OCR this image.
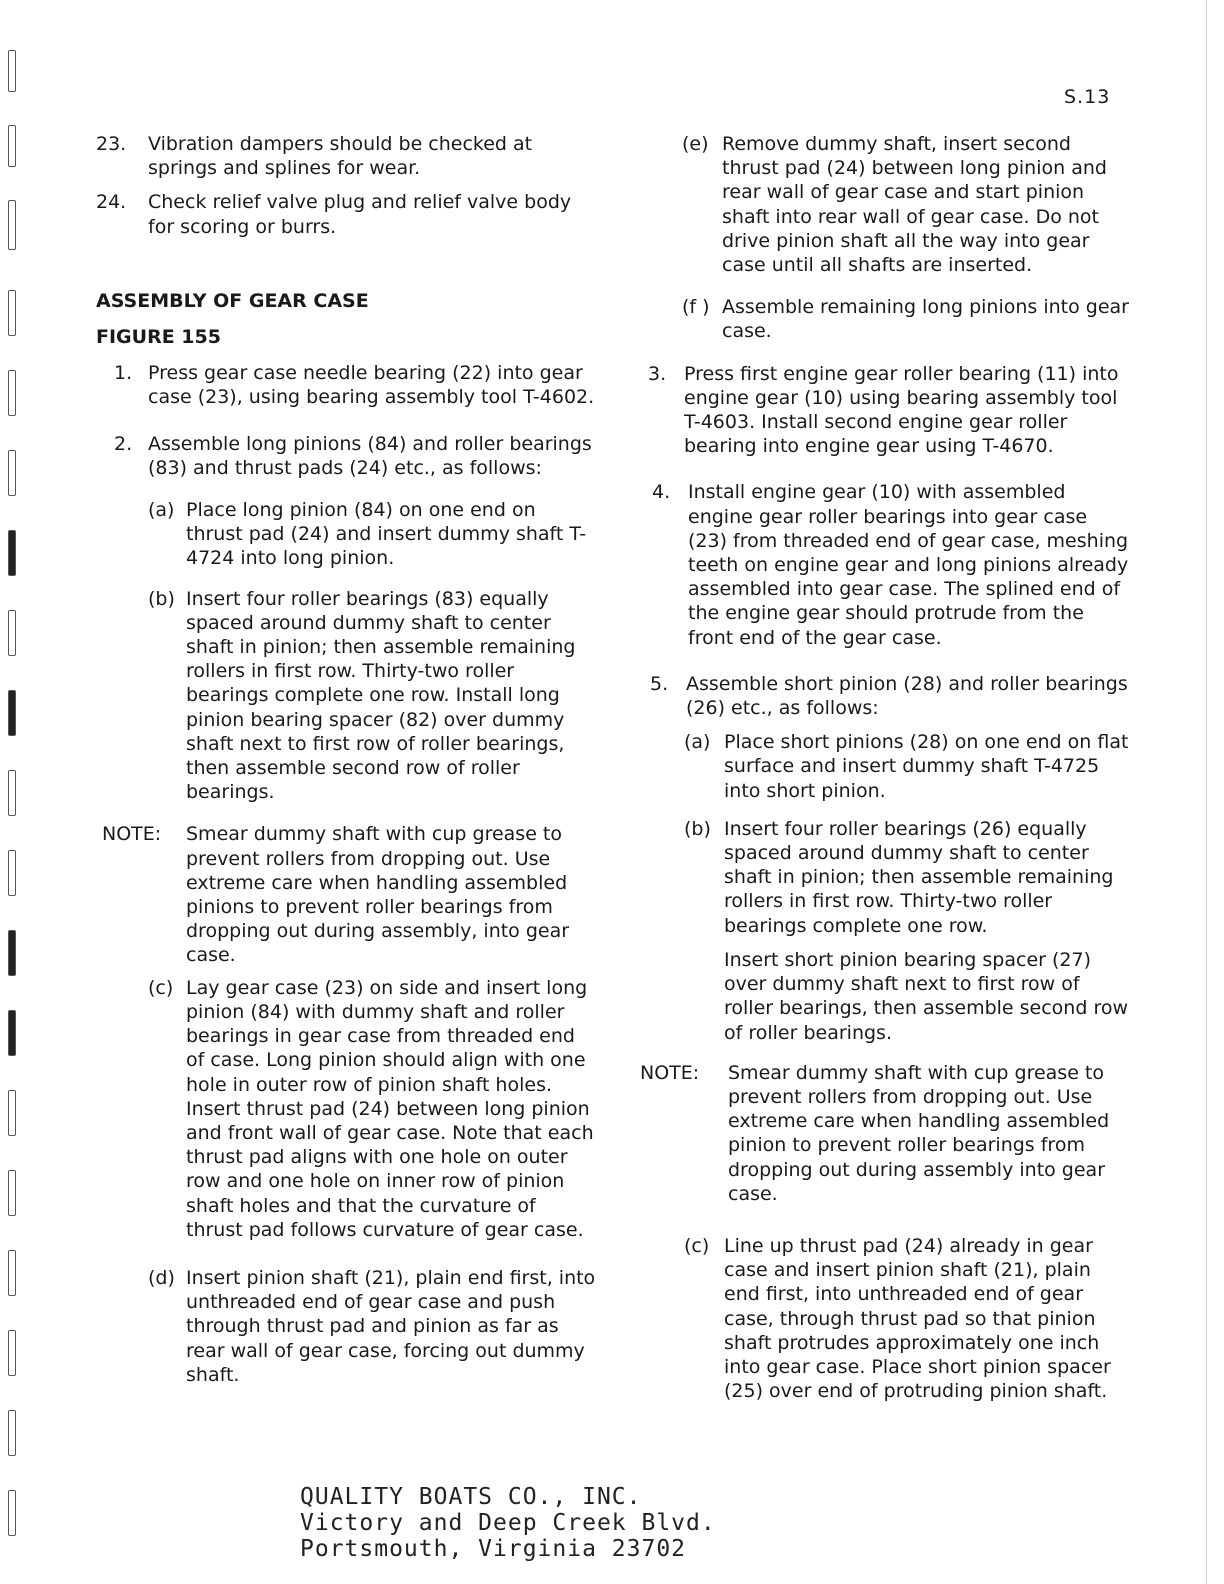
S.13
23. Vibration dampers should be checked at springs and splines for wear.
24. Check relief valve plug and relief valve body for scoring or burrs.
ASSEMBLY OF GEAR CASE
FIGURE 155
1. Press gear case needle bearing (22) into gear case (23), using bearing assembly tool T-4602.
2. Assemble long pinions (84) and roller bearings (83) and thrust pads (24) etc., as follows:
(a) Place long pinion (84) on one end on thrust pad (24) and insert dummy shaft T-4724 into long pinion.
(b) Insert four roller bearings (83) equally spaced around dummy shaft to center shaft in pinion; then assemble remaining rollers in first row. Thirty-two roller bearings complete one row. Install long pinion bearing spacer (82) over dummy shaft next to first row of roller bearings, then assemble second row of roller bearings.
NOTE: Smear dummy shaft with cup grease to prevent rollers from dropping out. Use extreme care when handling assembled pinions to prevent roller bearings from dropping out during assembly, into gear case.
(c) Lay gear case (23) on side and insert long pinion (84) with dummy shaft and roller bearings in gear case from threaded end of case. Long pinion should align with one hole in outer row of pinion shaft holes. Insert thrust pad (24) between long pinion and front wall of gear case. Note that each thrust pad aligns with one hole on outer row and one hole on inner row of pinion shaft holes and that the curvature of thrust pad follows curvature of gear case.
(d) Insert pinion shaft (21), plain end first, into unthreaded end of gear case and push through thrust pad and pinion as far as rear wall of gear case, forcing out dummy shaft.
(e) Remove dummy shaft, insert second thrust pad (24) between long pinion and rear wall of gear case and start pinion shaft into rear wall of gear case. Do not drive pinion shaft all the way into gear case until all shafts are inserted.
(f ) Assemble remaining long pinions into gear case.
3. Press first engine gear roller bearing (11) into engine gear (10) using bearing assembly tool T-4603. Install second engine gear roller bearing into engine gear using T-4670.
4. Install engine gear (10) with assembled engine gear roller bearings into gear case (23) from threaded end of gear case, meshing teeth on engine gear and long pinions already assembled into gear case. The splined end of the engine gear should protrude from the front end of the gear case.
5. Assemble short pinion (28) and roller bearings (26) etc., as follows:
(a) Place short pinions (28) on one end on flat surface and insert dummy shaft T-4725 into short pinion.
(b) Insert four roller bearings (26) equally spaced around dummy shaft to center shaft in pinion; then assemble remaining rollers in first row. Thirty-two roller bearings complete one row.
Insert short pinion bearing spacer (27) over dummy shaft next to first row of roller bearings, then assemble second row of roller bearings.
NOTE: Smear dummy shaft with cup grease to prevent rollers from dropping out. Use extreme care when handling assembled pinion to prevent roller bearings from dropping out during assembly into gear case.
(c) Line up thrust pad (24) already in gear case and insert pinion shaft (21), plain end first, into unthreaded end of gear case, through thrust pad so that pinion shaft protrudes approximately one inch into gear case. Place short pinion spacer (25) over end of protruding pinion shaft.
QUALITY BOATS CO., INC.
Victory and Deep Creek Blvd.
Portsmouth, Virginia 23702
